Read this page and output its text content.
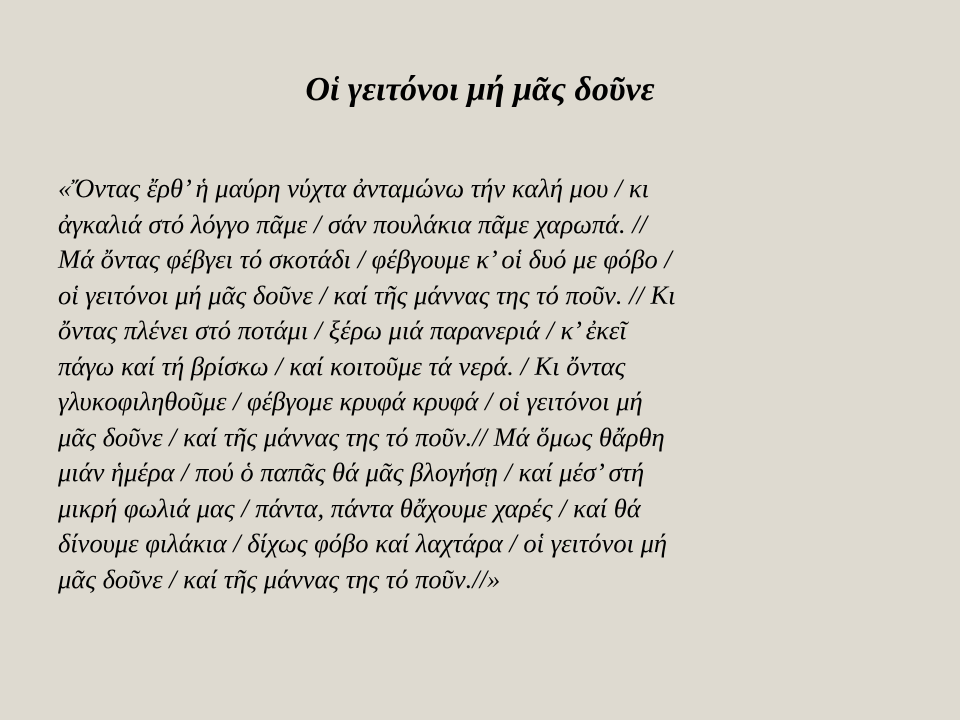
Οἱ γειτόνοι μή μᾶς δοῦνε

«Ὄντας ἔρθ’ ἡ μαύρη νύχτα ἀνταμώνω τήν καλή μου / κι
ἀγκαλιά στό λόγγο πᾶμε / σάν πουλάκια πᾶμε χαρωπά. //
Μά ὄντας φέβγει τό σκοτάδι / φέβγουμε κ’ οἱ δυό με φόβο /
οἱ γειτόνοι μή μᾶς δοῦνε / καί τῆς μάννας της τό ποῦν. // Κι
ὄντας πλένει στό ποτάμι / ξέρω μιά παρανεριά / κ’ ἐκεῖ
πάγω καί τή βρίσκω / καί κοιτοῦμε τά νερά. / Κι ὄντας
γλυκοφιληθοῦμε / φέβγομε κρυφά κρυφά / οἱ γειτόνοι μή
μᾶς δοῦνε / καί τῆς μάννας της τό ποῦν.// Μά ὅμως θἄρθη
μιάν ἡμέρα / πού ὁ παπᾶς θά μᾶς βλογήσῃ / καί μέσ’ στή
μικρή φωλιά μας / πάντα, πάντα θἄχουμε χαρές / καί θά
δίνουμε φιλάκια / δίχως φόβο καί λαχτάρα / οἱ γειτόνοι μή
μᾶς δοῦνε / καί τῆς μάννας της τό ποῦν.//»
